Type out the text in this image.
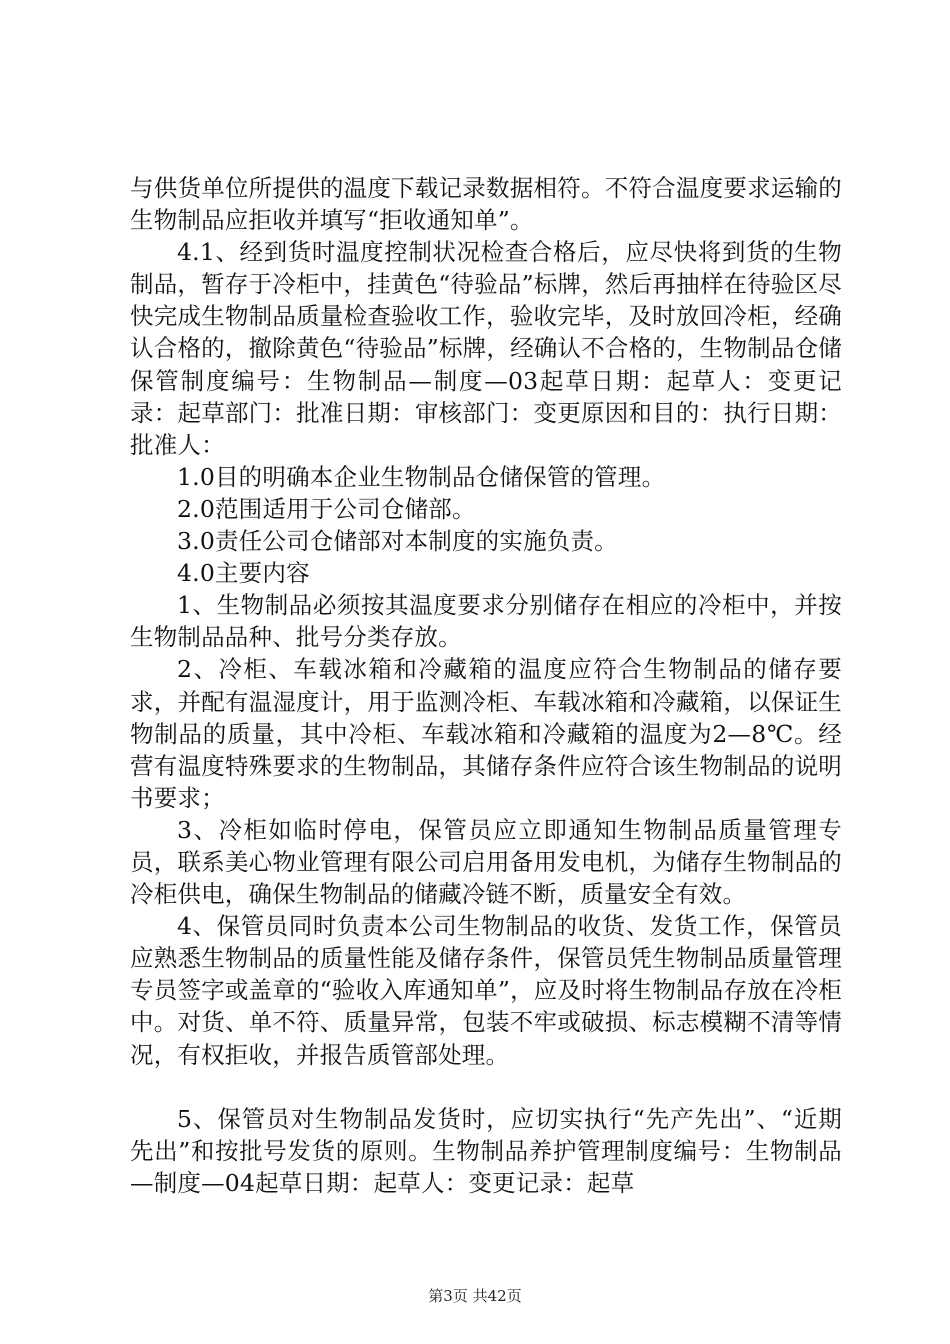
与供货单位所提供的温度下载记录数据相符。不符合温度要求运输的生物制品应拒收并填写“拒收通知单”。

4.1、经到货时温度控制状况检查合格后，应尽快将到货的生物制品，暂存于冷柜中，挂黄色“待验品”标牌，然后再抽样在待验区尽快完成生物制品质量检查验收工作，验收完毕，及时放回冷柜，经确认合格的，撤除黄色“待验品”标牌，经确认不合格的，生物制品仓储保管制度编号：生物制品—制度—03起草日期：起草人：变更记录：起草部门：批准日期：审核部门：变更原因和目的：执行日期：批准人：

1.0目的明确本企业生物制品仓储保管的管理。

2.0范围适用于公司仓储部。

3.0责任公司仓储部对本制度的实施负责。

4.0主要内容

1、生物制品必须按其温度要求分别储存在相应的冷柜中，并按生物制品品种、批号分类存放。

2、冷柜、车载冰箱和冷藏箱的温度应符合生物制品的储存要求，并配有温湿度计，用于监测冷柜、车载冰箱和冷藏箱，以保证生物制品的质量，其中冷柜、车载冰箱和冷藏箱的温度为2—8℃。经营有温度特殊要求的生物制品，其储存条件应符合该生物制品的说明书要求；

3、冷柜如临时停电，保管员应立即通知生物制品质量管理专员，联系美心物业管理有限公司启用备用发电机，为储存生物制品的冷柜供电，确保生物制品的储藏冷链不断，质量安全有效。

4、保管员同时负责本公司生物制品的收货、发货工作，保管员应熟悉生物制品的质量性能及储存条件，保管员凭生物制品质量管理专员签字或盖章的“验收入库通知单”，应及时将生物制品存放在冷柜中。对货、单不符、质量异常，包装不牢或破损、标志模糊不清等情况，有权拒收，并报告质管部处理。

5、保管员对生物制品发货时，应切实执行“先产先出”、“近期先出”和按批号发货的原则。生物制品养护管理制度编号：生物制品—制度—04起草日期：起草人：变更记录：起草

第3页 共42页
